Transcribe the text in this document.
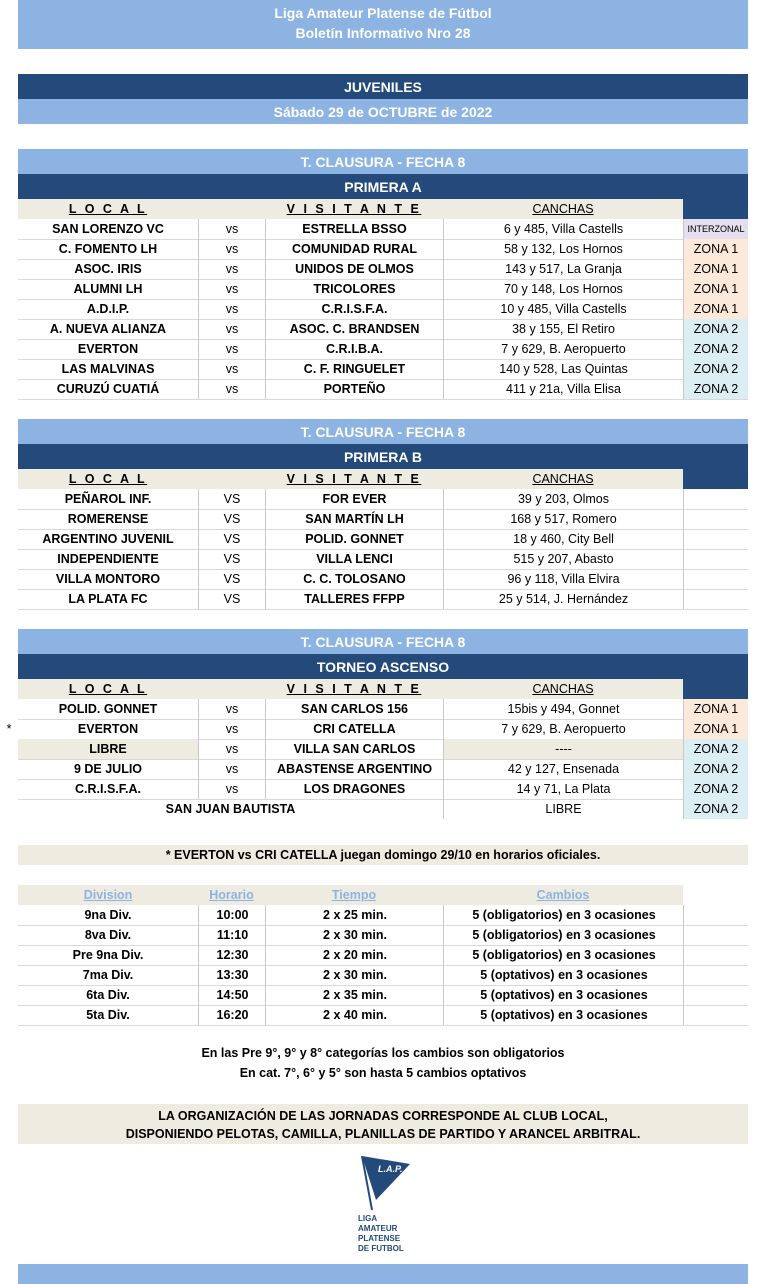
Liga Amateur Platense de Fútbol
Boletín Informativo Nro 28
JUVENILES
Sábado 29 de OCTUBRE de 2022
T. CLAUSURA - FECHA 8
PRIMERA A
L O C A L	V I S I T A N T E	CANCHAS
SAN LORENZO VC	vs	ESTRELLA BSSO	6 y 485, Villa Castells	INTERZONAL
C. FOMENTO LH	vs	COMUNIDAD RURAL	58 y 132, Los Hornos	ZONA 1
ASOC. IRIS	vs	UNIDOS DE OLMOS	143 y 517, La Granja	ZONA 1
ALUMNI LH	vs	TRICOLORES	70 y 148, Los Hornos	ZONA 1
A.D.I.P.	vs	C.R.I.S.F.A.	10 y 485, Villa Castells	ZONA 1
A. NUEVA ALIANZA	vs	ASOC. C. BRANDSEN	38 y 155, El Retiro	ZONA 2
EVERTON	vs	C.R.I.B.A.	7 y 629, B. Aeropuerto	ZONA 2
LAS MALVINAS	vs	C. F. RINGUELET	140 y 528, Las Quintas	ZONA 2
CURUZÚ CUATIÁ	vs	PORTEÑO	411 y 21a, Villa Elisa	ZONA 2
T. CLAUSURA - FECHA 8
PRIMERA B
L O C A L	V I S I T A N T E	CANCHAS
PEÑAROL INF.	VS	FOR EVER	39 y 203, Olmos
ROMERENSE	VS	SAN MARTÍN LH	168 y 517, Romero
ARGENTINO JUVENIL	VS	POLID. GONNET	18 y 460, City Bell
INDEPENDIENTE	VS	VILLA LENCI	515 y 207, Abasto
VILLA MONTORO	VS	C. C. TOLOSANO	96 y 118, Villa Elvira
LA PLATA FC	VS	TALLERES FFPP	25 y 514, J. Hernández
T. CLAUSURA - FECHA 8
TORNEO ASCENSO
L O C A L	V I S I T A N T E	CANCHAS
POLID. GONNET	vs	SAN CARLOS 156	15bis y 494, Gonnet	ZONA 1
EVERTON	vs	CRI CATELLA	7 y 629, B. Aeropuerto	ZONA 1
*
LIBRE	vs	VILLA SAN CARLOS	----	ZONA 2
9 DE JULIO	vs	ABASTENSE ARGENTINO	42 y 127, Ensenada	ZONA 2
C.R.I.S.F.A.	vs	LOS DRAGONES	14 y 71, La Plata	ZONA 2
SAN JUAN BAUTISTA	LIBRE	ZONA 2
* EVERTON vs CRI CATELLA juegan domingo 29/10 en horarios oficiales.
Division	Horario	Tiempo	Cambios
9na Div.	10:00	2 x 25 min.	5 (obligatorios) en 3 ocasiones
8va Div.	11:10	2 x 30 min.	5 (obligatorios) en 3 ocasiones
Pre 9na Div.	12:30	2 x 20 min.	5 (obligatorios) en 3 ocasiones
7ma Div.	13:30	2 x 30 min.	5 (optativos) en 3 ocasiones
6ta Div.	14:50	2 x 35 min.	5 (optativos) en 3 ocasiones
5ta Div.	16:20	2 x 40 min.	5 (optativos) en 3 ocasiones
En las Pre 9°, 9° y 8° categorías los cambios son obligatorios
En cat. 7°, 6° y 5° son hasta 5 cambios optativos
LA ORGANIZACIÓN DE LAS JORNADAS CORRESPONDE AL CLUB LOCAL,
DISPONIENDO PELOTAS, CAMILLA, PLANILLAS DE PARTIDO Y ARANCEL ARBITRAL.
L.A.P.
LIGA
AMATEUR
PLATENSE
DE FUTBOL
